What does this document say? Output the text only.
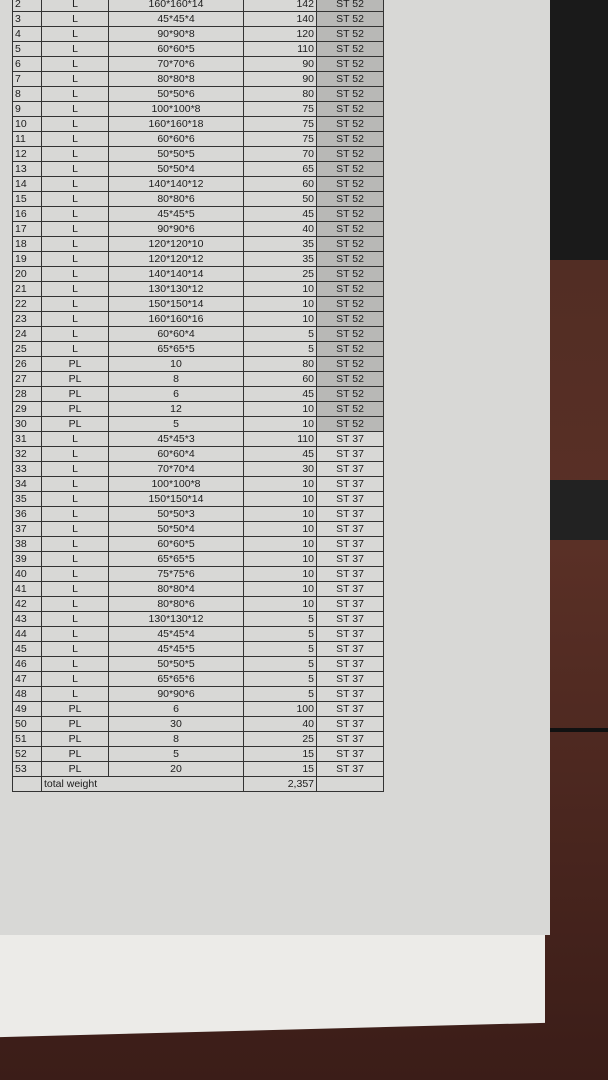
2	L	160*160*14	142	ST 52
3	L	45*45*4	140	ST 52
4	L	90*90*8	120	ST 52
5	L	60*60*5	110	ST 52
6	L	70*70*6	90	ST 52
7	L	80*80*8	90	ST 52
8	L	50*50*6	80	ST 52
9	L	100*100*8	75	ST 52
10	L	160*160*18	75	ST 52
11	L	60*60*6	75	ST 52
12	L	50*50*5	70	ST 52
13	L	50*50*4	65	ST 52
14	L	140*140*12	60	ST 52
15	L	80*80*6	50	ST 52
16	L	45*45*5	45	ST 52
17	L	90*90*6	40	ST 52
18	L	120*120*10	35	ST 52
19	L	120*120*12	35	ST 52
20	L	140*140*14	25	ST 52
21	L	130*130*12	10	ST 52
22	L	150*150*14	10	ST 52
23	L	160*160*16	10	ST 52
24	L	60*60*4	5	ST 52
25	L	65*65*5	5	ST 52
26	PL	10	80	ST 52
27	PL	8	60	ST 52
28	PL	6	45	ST 52
29	PL	12	10	ST 52
30	PL	5	10	ST 52
31	L	45*45*3	110	ST 37
32	L	60*60*4	45	ST 37
33	L	70*70*4	30	ST 37
34	L	100*100*8	10	ST 37
35	L	150*150*14	10	ST 37
36	L	50*50*3	10	ST 37
37	L	50*50*4	10	ST 37
38	L	60*60*5	10	ST 37
39	L	65*65*5	10	ST 37
40	L	75*75*6	10	ST 37
41	L	80*80*4	10	ST 37
42	L	80*80*6	10	ST 37
43	L	130*130*12	5	ST 37
44	L	45*45*4	5	ST 37
45	L	45*45*5	5	ST 37
46	L	50*50*5	5	ST 37
47	L	65*65*6	5	ST 37
48	L	90*90*6	5	ST 37
49	PL	6	100	ST 37
50	PL	30	40	ST 37
51	PL	8	25	ST 37
52	PL	5	15	ST 37
53	PL	20	15	ST 37
	total weight		2,357	
